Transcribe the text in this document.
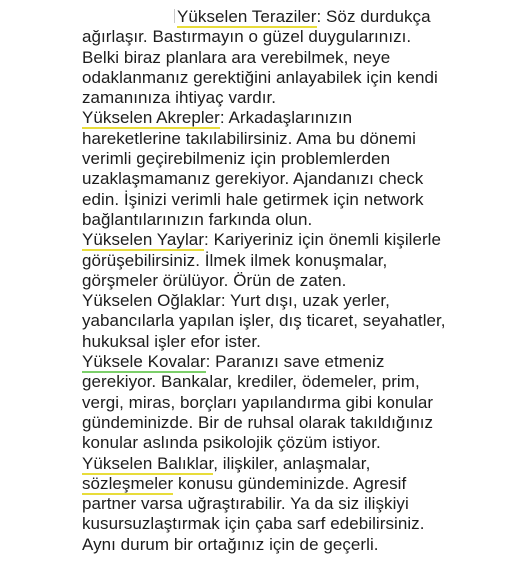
Yükselen Teraziler: Söz durdukça
ağırlaşır. Bastırmayın o güzel duygularınızı.
Belki biraz planlara ara verebilmek, neye
odaklanmanız gerektiğini anlayabilek için kendi
zamanınıza ihtiyaç vardır.
Yükselen Akrepler: Arkadaşlarınızın
hareketlerine takılabilirsiniz. Ama bu dönemi
verimli geçirebilmeniz için problemlerden
uzaklaşmamanız gerekiyor. Ajandanızı check
edin. İşinizi verimli hale getirmek için network
bağlantılarınızın farkında olun.
Yükselen Yaylar: Kariyeriniz için önemli kişilerle
görüşebilirsiniz. İlmek ilmek konuşmalar,
görşmeler örülüyor. Örün de zaten.
Yükselen Oğlaklar: Yurt dışı, uzak yerler,
yabancılarla yapılan işler, dış ticaret, seyahatler,
hukuksal işler efor ister.
Yüksele Kovalar: Paranızı save etmeniz
gerekiyor. Bankalar, krediler, ödemeler, prim,
vergi, miras, borçları yapılandırma gibi konular
gündeminizde. Bir de ruhsal olarak takıldığınız
konular aslında psikolojik çözüm istiyor.
Yükselen Balıklar, ilişkiler, anlaşmalar,
sözleşmeler konusu gündeminizde. Agresif
partner varsa uğraştırabilir. Ya da siz ilişkiyi
kusursuzlaştırmak için çaba sarf edebilirsiniz.
Aynı durum bir ortağınız için de geçerli.
